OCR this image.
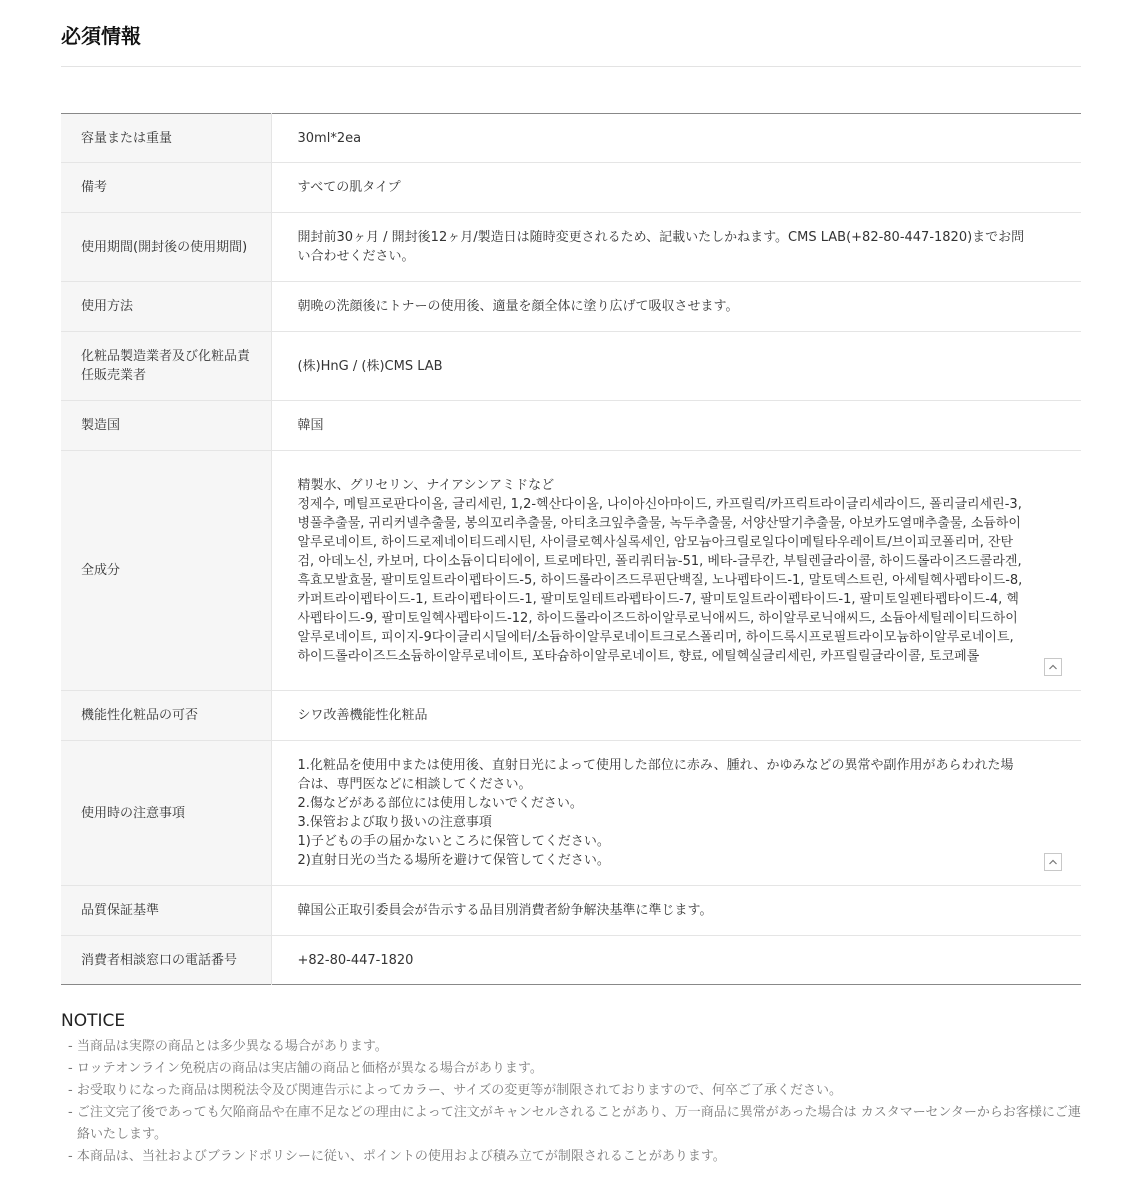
必須情報
容量または重量	30ml*2ea
備考	すべての肌タイプ
使用期間(開封後の使用期間)	開封前30ヶ月 / 開封後12ヶ月/製造日は随時変更されるため、記載いたしかねます。CMS LAB(+82-80-447-1820)までお問い合わせください。
使用方法	朝晩の洗顔後にトナーの使用後、適量を顔全体に塗り広げて吸収させます。
化粧品製造業者及び化粧品責任販売業者	(株)HnG / (株)CMS LAB
製造国	韓国
全成分	精製水、グリセリン、ナイアシンアミドなど
정제수, 메틸프로판다이올, 글리세린, 1,2-헥산다이올, 나이아신아마이드, 카프릴릭/카프릭트라이글리세라이드, 폴리글리세린-3, 병풀추출물, 귀리커넬추출물, 봉의꼬리추출물, 아티초크잎추출물, 녹두추출물, 서양산딸기추출물, 아보카도열매추출물, 소듐하이알루로네이트, 하이드로제네이티드레시틴, 사이클로헥사실록세인, 암모늄아크릴로일다이메틸타우레이트/브이피코폴리머, 잔탄검, 아데노신, 카보머, 다이소듐이디티에이, 트로메타민, 폴리쿼터늄-51, 베타-글루칸, 부틸렌글라이콜, 하이드롤라이즈드콜라겐, 흑효모발효물, 팔미토일트라이펩타이드-5, 하이드롤라이즈드루핀단백질, 노나펩타이드-1, 말토덱스트린, 아세틸헥사펩타이드-8, 카퍼트라이펩타이드-1, 트라이펩타이드-1, 팔미토일테트라펩타이드-7, 팔미토일트라이펩타이드-1, 팔미토일펜타펩타이드-4, 헥사펩타이드-9, 팔미토일헥사펩타이드-12, 하이드롤라이즈드하이알루로닉애씨드, 하이알루로닉애씨드, 소듐아세틸레이티드하이알루로네이트, 피이지-9다이글리시딜에터/소듐하이알루로네이트크로스폴리머, 하이드록시프로필트라이모늄하이알루로네이트, 하이드롤라이즈드소듐하이알루로네이트, 포타슘하이알루로네이트, 향료, 에틸헥실글리세린, 카프릴릴글라이콜, 토코페롤

機能性化粧品の可否	シワ改善機能性化粧品
使用時の注意事項	1.化粧品を使用中または使用後、直射日光によって使用した部位に赤み、腫れ、かゆみなどの異常や副作用があらわれた場合は、専門医などに相談してください。
2.傷などがある部位には使用しないでください。
3.保管および取り扱いの注意事項
1)子どもの手の届かないところに保管してください。
2)直射日光の当たる場所を避けて保管してください。

品質保証基準	韓国公正取引委員会が告示する品目別消費者紛争解決基準に準じます。
消費者相談窓口の電話番号	+82-80-447-1820
NOTICE
- 当商品は実際の商品とは多少異なる場合があります。
- ロッテオンライン免税店の商品は実店舗の商品と価格が異なる場合があります。
- お受取りになった商品は関税法令及び関連告示によってカラー、サイズの変更等が制限されておりますので、何卒ご了承ください。
- ご注文完了後であっても欠陥商品や在庫不足などの理由によって注文がキャンセルされることがあり、万一商品に異常があった場合は カスタマーセンターからお客様にご連絡いたします。
- 本商品は、当社およびブランドポリシーに従い、ポイントの使用および積み立てが制限されることがあります。
